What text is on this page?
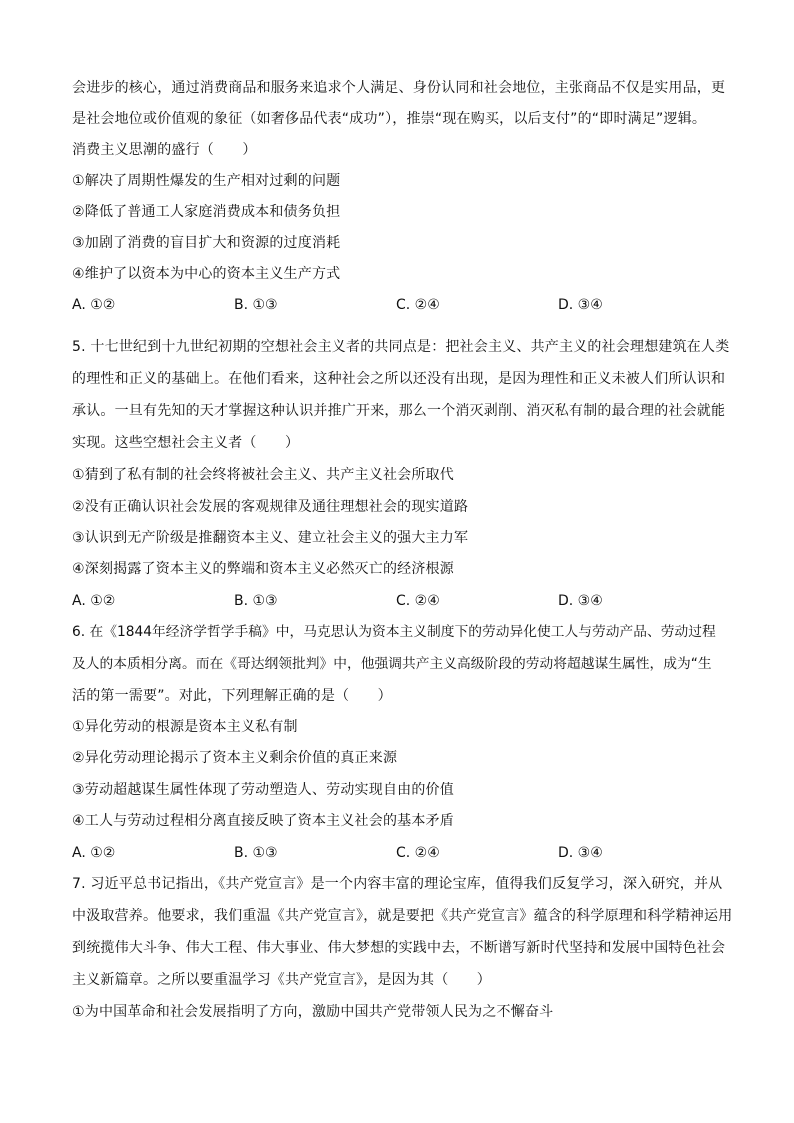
会进步的核心，通过消费商品和服务来追求个人满足、身份认同和社会地位，主张商品不仅是实用品，更
是社会地位或价值观的象征（如奢侈品代表“成功”），推崇“现在购买，以后支付”的“即时满足”逻辑。
消费主义思潮的盛行（　　）
①解决了周期性爆发的生产相对过剩的问题
②降低了普通工人家庭消费成本和债务负担
③加剧了消费的盲目扩大和资源的过度消耗
④维护了以资本为中心的资本主义生产方式
A. ①②	B. ①③	C. ②④	D. ③④
5. 十七世纪到十九世纪初期的空想社会主义者的共同点是：把社会主义、共产主义的社会理想建筑在人类
的理性和正义的基础上。在他们看来，这种社会之所以还没有出现，是因为理性和正义未被人们所认识和
承认。一旦有先知的天才掌握这种认识并推广开来，那么一个消灭剥削、消灭私有制的最合理的社会就能
实现。这些空想社会主义者（　　）
①猜到了私有制的社会终将被社会主义、共产主义社会所取代
②没有正确认识社会发展的客观规律及通往理想社会的现实道路
③认识到无产阶级是推翻资本主义、建立社会主义的强大主力军
④深刻揭露了资本主义的弊端和资本主义必然灭亡的经济根源
A. ①②	B. ①③	C. ②④	D. ③④
6. 在《1844年经济学哲学手稿》中，马克思认为资本主义制度下的劳动异化使工人与劳动产品、劳动过程
及人的本质相分离。而在《哥达纲领批判》中，他强调共产主义高级阶段的劳动将超越谋生属性，成为“生
活的第一需要”。对此，下列理解正确的是（　　）
①异化劳动的根源是资本主义私有制
②异化劳动理论揭示了资本主义剩余价值的真正来源
③劳动超越谋生属性体现了劳动塑造人、劳动实现自由的价值
④工人与劳动过程相分离直接反映了资本主义社会的基本矛盾
A. ①②	B. ①③	C. ②④	D. ③④
7. 习近平总书记指出，《共产党宣言》是一个内容丰富的理论宝库，值得我们反复学习，深入研究，并从
中汲取营养。他要求，我们重温《共产党宣言》，就是要把《共产党宣言》蕴含的科学原理和科学精神运用
到统揽伟大斗争、伟大工程、伟大事业、伟大梦想的实践中去，不断谱写新时代坚持和发展中国特色社会
主义新篇章。之所以要重温学习《共产党宣言》，是因为其（　　）
①为中国革命和社会发展指明了方向，激励中国共产党带领人民为之不懈奋斗
